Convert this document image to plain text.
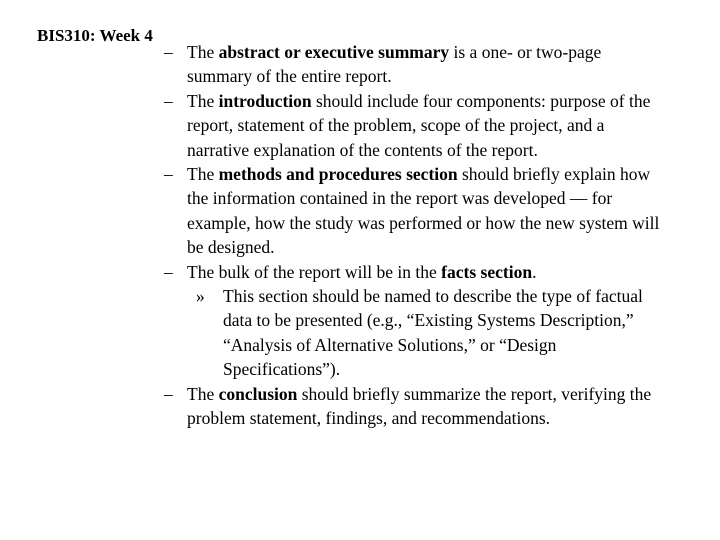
BIS310: Week 4
– The abstract or executive summary is a one- or two-page summary of the entire report.
– The introduction should include four components: purpose of the report, statement of the problem, scope of the project, and a narrative explanation of the contents of the report.
– The methods and procedures section should briefly explain how the information contained in the report was developed — for example, how the study was performed or how the new system will be designed.
– The bulk of the report will be in the facts section.
» This section should be named to describe the type of factual data to be presented (e.g., “Existing Systems Description,” “Analysis of Alternative Solutions,” or “Design Specifications”).
– The conclusion should briefly summarize the report, verifying the problem statement, findings, and recommendations.
